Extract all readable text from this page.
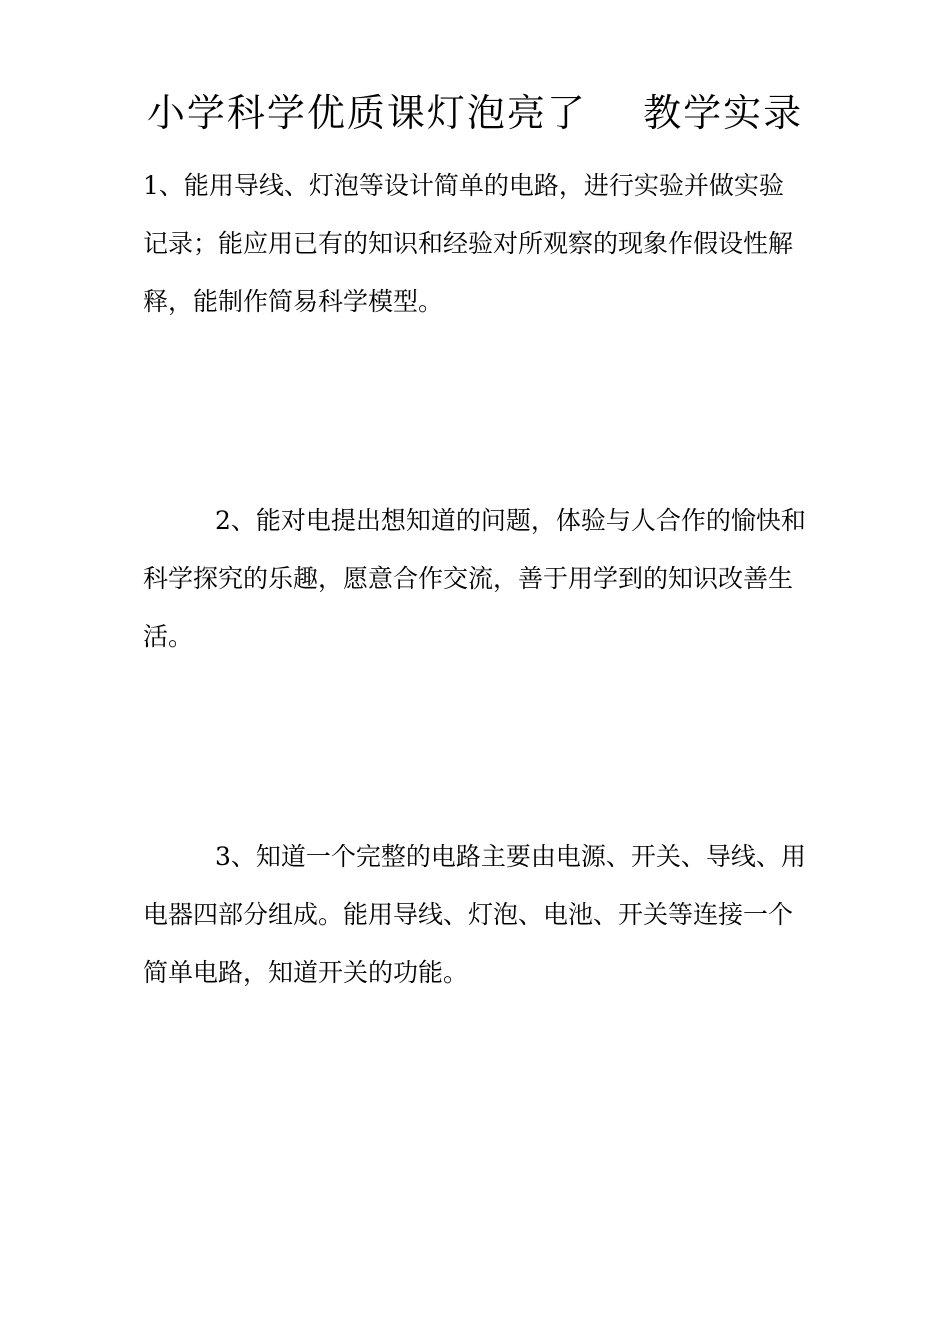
小学科学优质课灯泡亮了    教学实录
1、能用导线、灯泡等设计简单的电路，进行实验并做实验
记录；能应用已有的知识和经验对所观察的现象作假设性解
释，能制作简易科学模型。
2、能对电提出想知道的问题，体验与人合作的愉快和
科学探究的乐趣，愿意合作交流，善于用学到的知识改善生
活。
3、知道一个完整的电路主要由电源、开关、导线、用
电器四部分组成。能用导线、灯泡、电池、开关等连接一个
简单电路，知道开关的功能。
